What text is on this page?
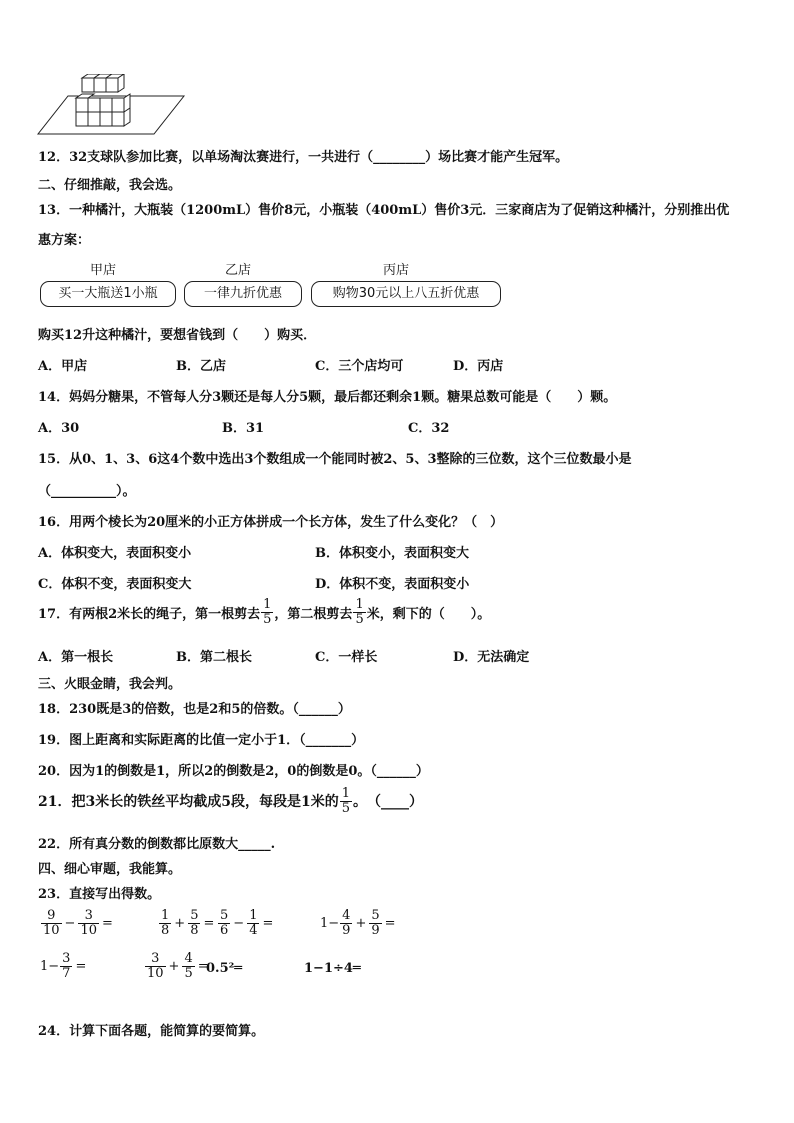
12．32支球队参加比赛，以单场淘汰赛进行，一共进行（________）场比赛才能产生冠军。
二、仔细推敲，我会选。
13．一种橘汁，大瓶装（1200mL）售价8元，小瓶装（400mL）售价3元．三家商店为了促销这种橘汁，分别推出优
惠方案：
甲店	乙店	丙店
买一大瓶送1小瓶	一律九折优惠	购物30元以上八五折优惠
购买12升这种橘汁，要想省钱到（　　）购买．
A．甲店	B．乙店	C．三个店均可	D．丙店
14．妈妈分糖果，不管每人分3颗还是每人分5颗，最后都还剩余1颗。糖果总数可能是（　　）颗。
A．30	B．31	C．32
15．从0、1、3、6这4个数中选出3个数组成一个能同时被2、5、3整除的三位数，这个三位数最小是
（__________）。
16．用两个棱长为20厘米的小正方体拼成一个长方体，发生了什么变化？（　）
A．体积变大，表面积变小	B．体积变小，表面积变大
C．体积不变，表面积变大	D．体积不变，表面积变小
17．有两根2米长的绳子，第一根剪去 $\frac{1}{5}$ ，第二根剪去 $\frac{1}{5}$ 米，剩下的（　　）。
A．第一根长	B．第二根长	C．一样长	D．无法确定
三、火眼金睛，我会判。
18．230既是3的倍数，也是2和5的倍数。（______）
19．图上距离和实际距离的比值一定小于1．（_______）
20．因为1的倒数是1，所以2的倒数是2，0的倒数是0。（______）
21．把3米长的铁丝平均截成5段，每段是1米的 $\frac{1}{5}$ 。　（____）
22．所有真分数的倒数都比原数大_____.
四、细心审题，我能算。
23．直接写出得数。
$\frac{9}{10} - \frac{3}{10}$ =	$\frac{1}{8} + \frac{5}{8} = \frac{5}{6} - \frac{1}{4}$ =	$1- \frac{4}{9} + \frac{5}{9}$ =
$1- \frac{3}{7}$ =	$\frac{3}{10} + \frac{4}{5}$ =
0.5²═	1−1÷4═
24．计算下面各题，能简算的要简算。
